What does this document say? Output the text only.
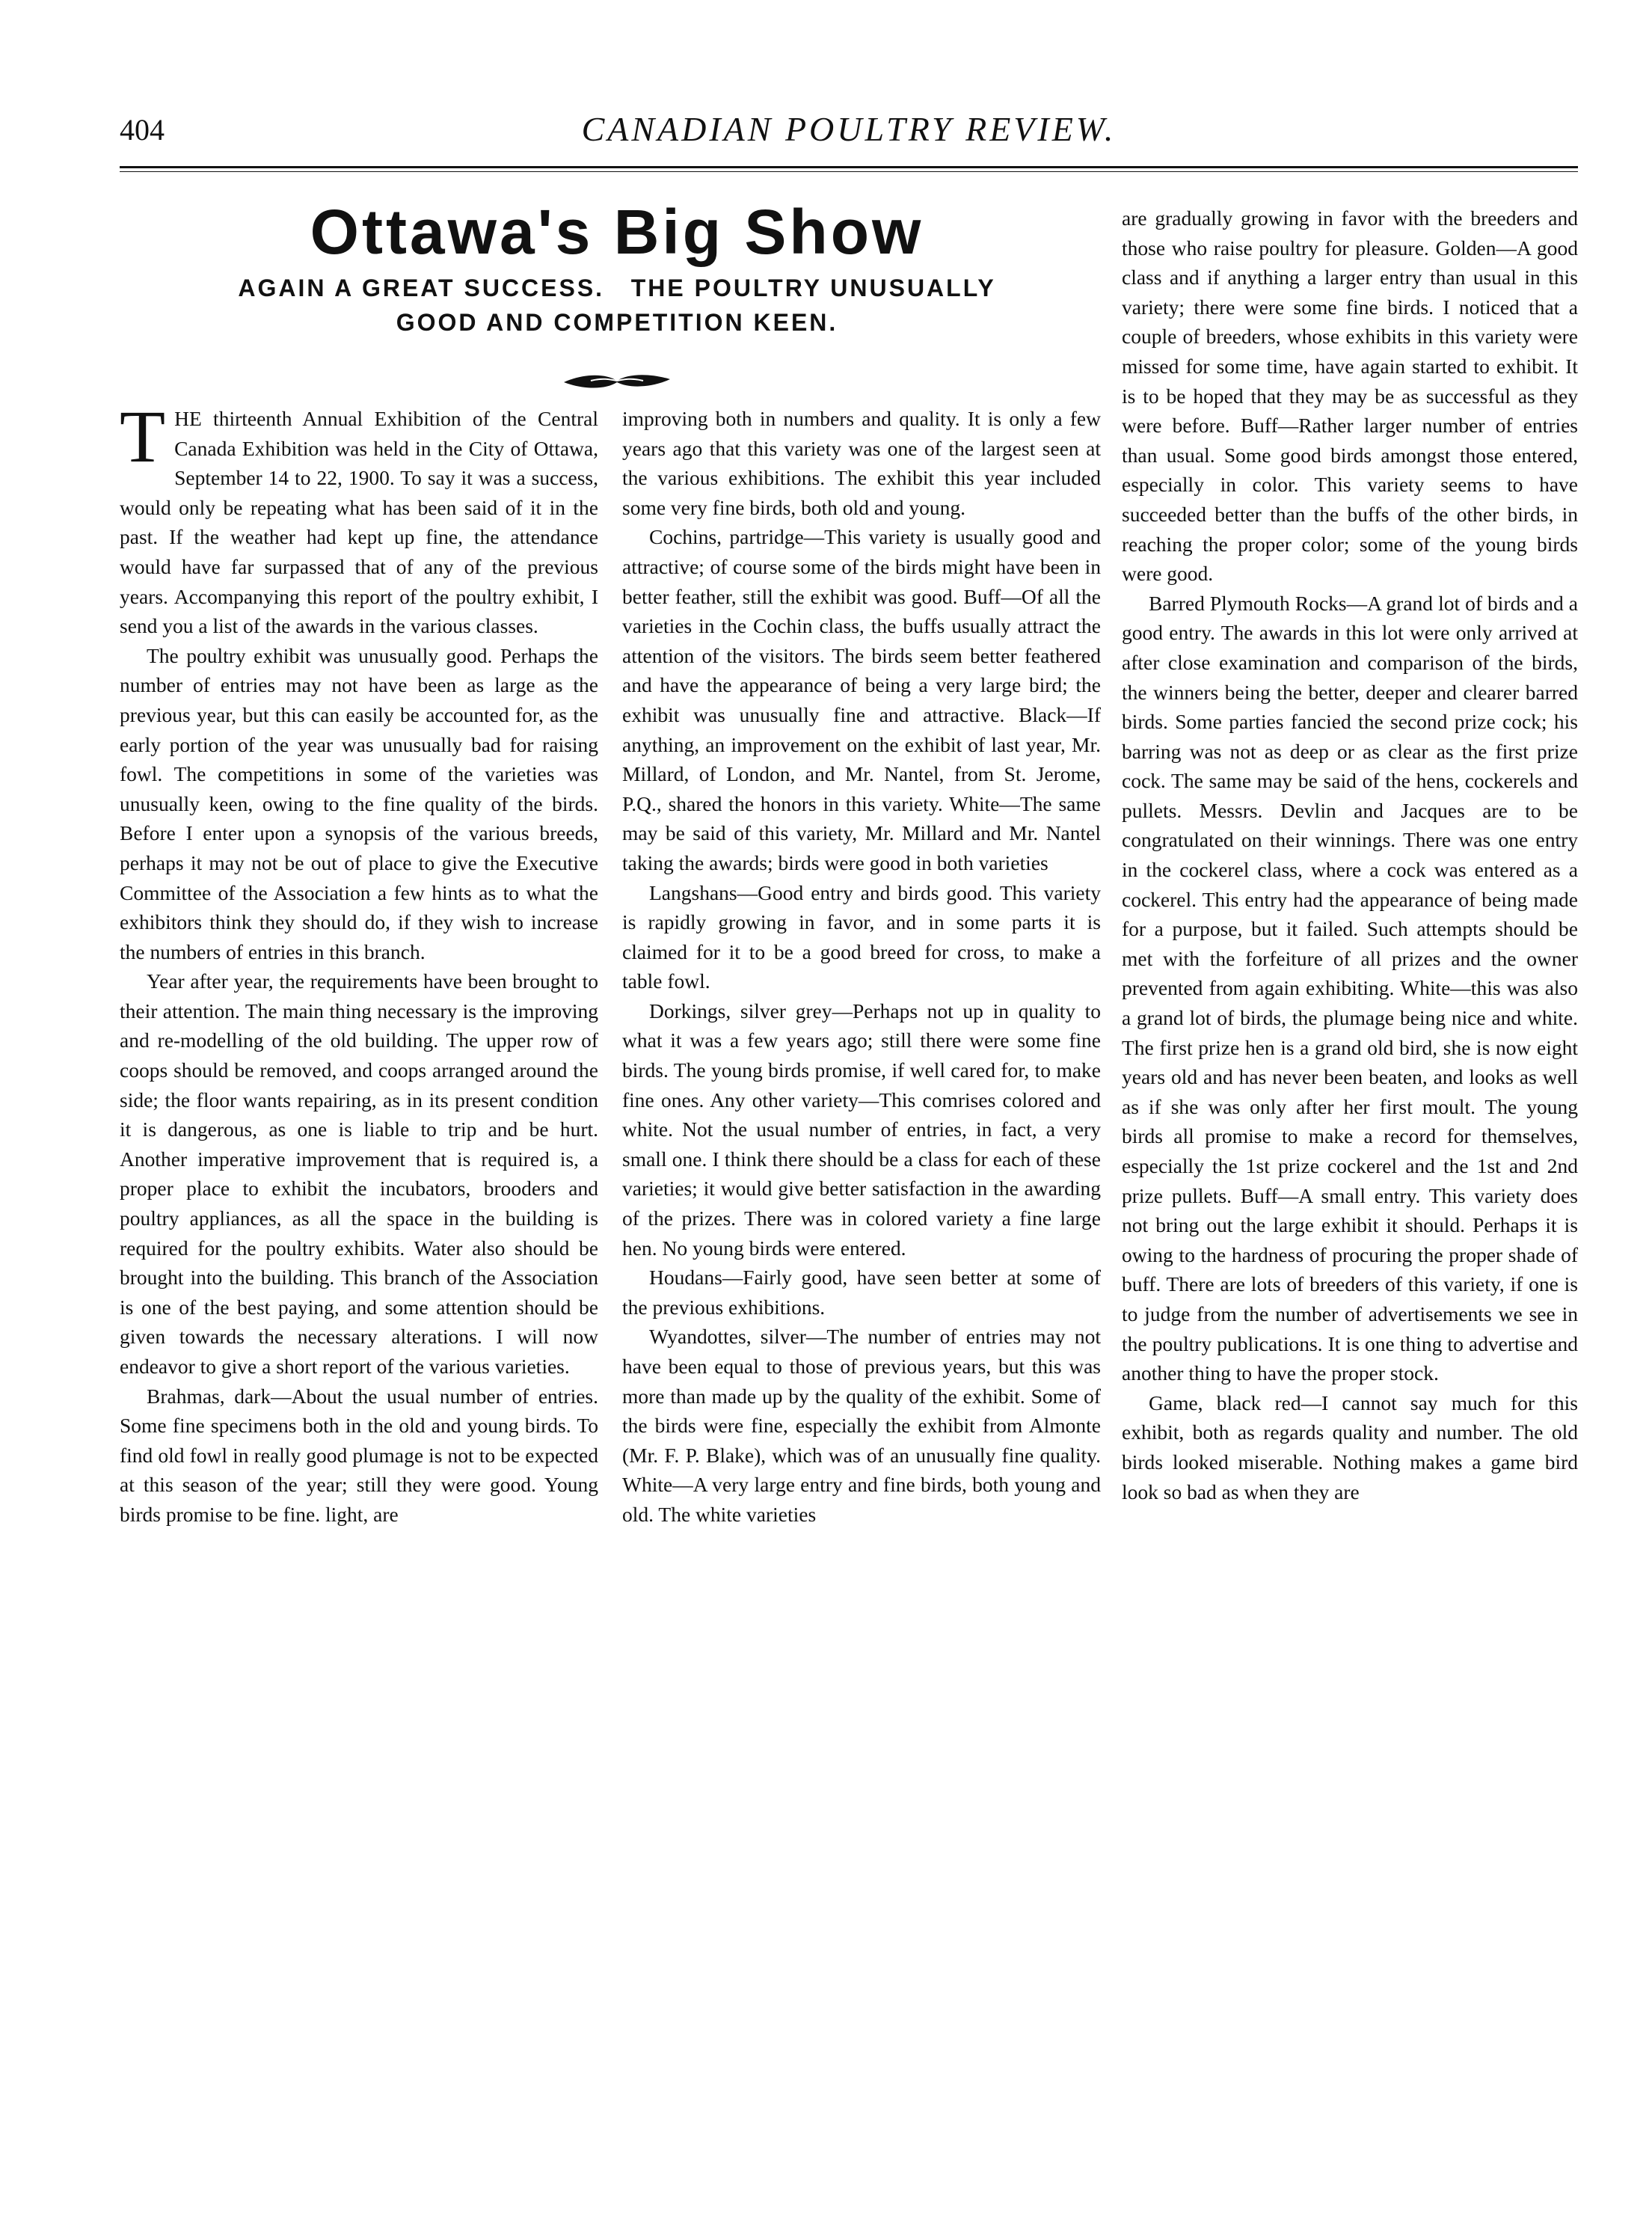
404	CANADIAN POULTRY REVIEW.
Ottawa's Big Show
AGAIN A GREAT SUCCESS.   THE POULTRY UNUSUALLY
GOOD AND COMPETITION KEEN.

THE thirteenth Annual Exhibition of the Central Canada Exhibition was held in the City of Ottawa, September 14 to 22, 1900. To say it was a success, would only be repeating what has been said of it in the past. If the weather had kept up fine, the attendance would have far surpassed that of any of the previous years. Accompanying this report of the poultry exhibit, I send you a list of the awards in the various classes.

The poultry exhibit was unusually good. Perhaps the number of entries may not have been as large as the previous year, but this can easily be accounted for, as the early portion of the year was unusually bad for raising fowl. The competitions in some of the varieties was unusually keen, owing to the fine quality of the birds. Before I enter upon a synopsis of the various breeds, perhaps it may not be out of place to give the Executive Committee of the Association a few hints as to what the exhibitors think they should do, if they wish to increase the numbers of entries in this branch.

Year after year, the requirements have been brought to their attention. The main thing necessary is the improving and re-modelling of the old building. The upper row of coops should be removed, and coops arranged around the side; the floor wants repairing, as in its present condition it is dangerous, as one is liable to trip and be hurt. Another imperative improvement that is required is, a proper place to exhibit the incubators, brooders and poultry appliances, as all the space in the building is required for the poultry exhibits. Water also should be brought into the building. This branch of the Association is one of the best paying, and some attention should be given towards the necessary alterations. I will now endeavor to give a short report of the various varieties.

Brahmas, dark—About the usual number of entries. Some fine specimens both in the old and young birds. To find old fowl in really good plumage is not to be expected at this season of the year; still they were good. Young birds promise to be fine. light, are

improving both in numbers and quality. It is only a few years ago that this variety was one of the largest seen at the various exhibitions. The exhibit this year included some very fine birds, both old and young.

Cochins, partridge—This variety is usually good and attractive; of course some of the birds might have been in better feather, still the exhibit was good. Buff—Of all the varieties in the Cochin class, the buffs usually attract the attention of the visitors. The birds seem better feathered and have the appearance of being a very large bird; the exhibit was unusually fine and attractive. Black—If anything, an improvement on the exhibit of last year, Mr. Millard, of London, and Mr. Nantel, from St. Jerome, P.Q., shared the honors in this variety. White—The same may be said of this variety, Mr. Millard and Mr. Nantel taking the awards; birds were good in both varieties

Langshans—Good entry and birds good. This variety is rapidly growing in favor, and in some parts it is claimed for it to be a good breed for cross, to make a table fowl.

Dorkings, silver grey—Perhaps not up in quality to what it was a few years ago; still there were some fine birds. The young birds promise, if well cared for, to make fine ones. Any other variety—This comrises colored and white. Not the usual number of entries, in fact, a very small one. I think there should be a class for each of these varieties; it would give better satisfaction in the awarding of the prizes. There was in colored variety a fine large hen. No young birds were entered.

Houdans—Fairly good, have seen better at some of the previous exhibitions.

Wyandottes, silver—The number of entries may not have been equal to those of previous years, but this was more than made up by the quality of the exhibit. Some of the birds were fine, especially the exhibit from Almonte (Mr. F. P. Blake), which was of an unusually fine quality. White—A very large entry and fine birds, both young and old. The white varieties

are gradually growing in favor with the breeders and those who raise poultry for pleasure. Golden—A good class and if anything a larger entry than usual in this variety; there were some fine birds. I noticed that a couple of breeders, whose exhibits in this variety were missed for some time, have again started to exhibit. It is to be hoped that they may be as successful as they were before. Buff—Rather larger number of entries than usual. Some good birds amongst those entered, especially in color. This variety seems to have succeeded better than the buffs of the other birds, in reaching the proper color; some of the young birds were good.

Barred Plymouth Rocks—A grand lot of birds and a good entry. The awards in this lot were only arrived at after close examination and comparison of the birds, the winners being the better, deeper and clearer barred birds. Some parties fancied the second prize cock; his barring was not as deep or as clear as the first prize cock. The same may be said of the hens, cockerels and pullets. Messrs. Devlin and Jacques are to be congratulated on their winnings. There was one entry in the cockerel class, where a cock was entered as a cockerel. This entry had the appearance of being made for a purpose, but it failed. Such attempts should be met with the forfeiture of all prizes and the owner prevented from again exhibiting. White—this was also a grand lot of birds, the plumage being nice and white. The first prize hen is a grand old bird, she is now eight years old and has never been beaten, and looks as well as if she was only after her first moult. The young birds all promise to make a record for themselves, especially the 1st prize cockerel and the 1st and 2nd prize pullets. Buff—A small entry. This variety does not bring out the large exhibit it should. Perhaps it is owing to the hardness of procuring the proper shade of buff. There are lots of breeders of this variety, if one is to judge from the number of advertisements we see in the poultry publications. It is one thing to advertise and another thing to have the proper stock.

Game, black red—I cannot say much for this exhibit, both as regards quality and number. The old birds looked miserable. Nothing makes a game bird look so bad as when they are
